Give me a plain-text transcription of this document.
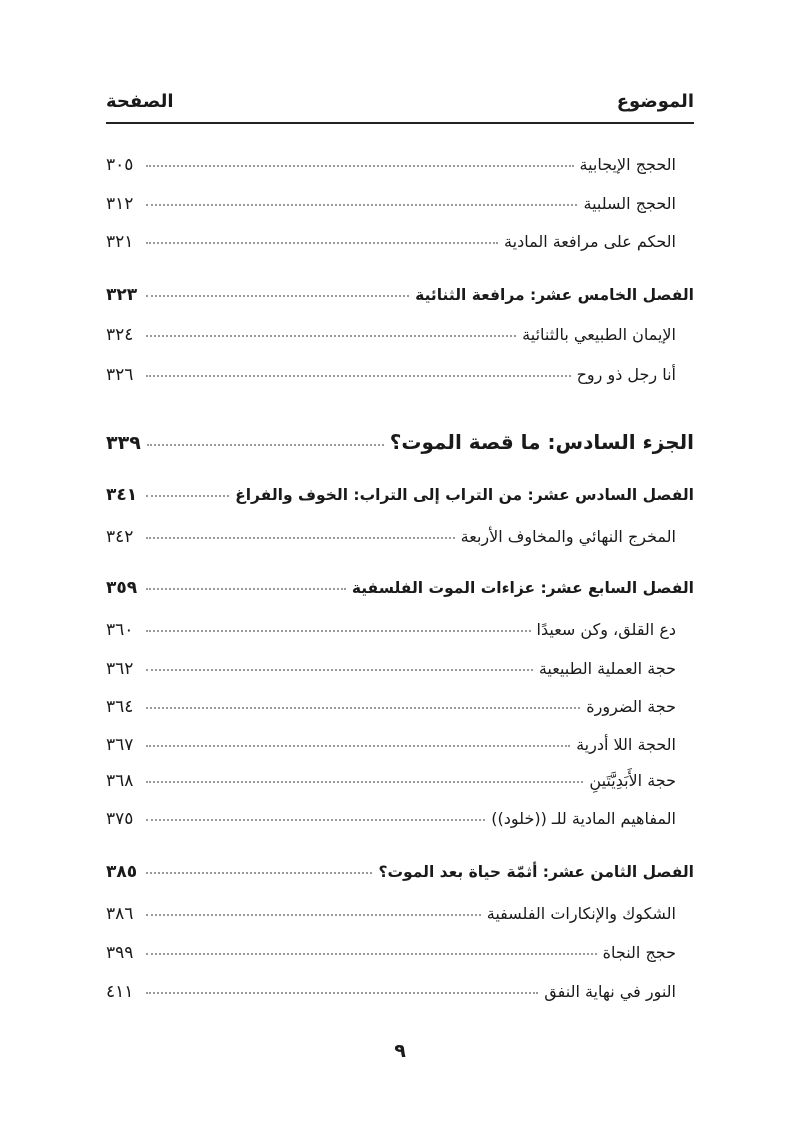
الموضوع
الصفحة
الحجج الإيجابية
٣٠٥
الحجج السلبية
٣١٢
الحكم على مرافعة المادية
٣٢١
الفصل الخامس عشر: مرافعة الثنائية
٣٢٣
الإيمان الطبيعي بالثنائية
٣٢٤
أنا رجل ذو روح
٣٢٦
الجزء السادس: ما قصة الموت؟
٣٣٩
الفصل السادس عشر: من التراب إلى التراب: الخوف والفراغ
٣٤١
المخرج النهائي والمخاوف الأربعة
٣٤٢
الفصل السابع عشر: عزاءات الموت الفلسفية
٣٥٩
دع القلق، وكن سعيدًا
٣٦٠
حجة العملية الطبيعية
٣٦٢
حجة الضرورة
٣٦٤
الحجة اللا أدرية
٣٦٧
حجة الأَبَدِيَّتَينِ
٣٦٨
المفاهيم المادية للـ ((خلود))
٣٧٥
الفصل الثامن عشر: أثمّة حياة بعد الموت؟
٣٨٥
الشكوك والإنكارات الفلسفية
٣٨٦
حجج النجاة
٣٩٩
النور في نهاية النفق
٤١١
٩
